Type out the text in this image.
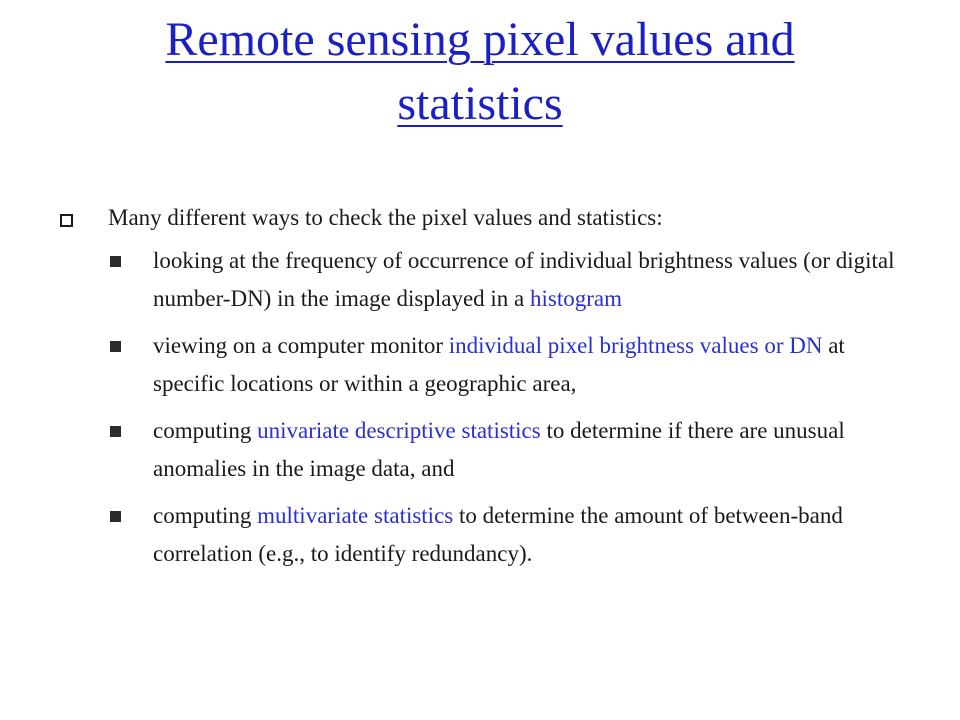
Remote sensing pixel values and statistics
Many different ways to check the pixel values and statistics:
looking at the frequency of occurrence of individual brightness values (or digital number-DN) in the image displayed in a histogram
viewing on a computer monitor individual pixel brightness values or DN at specific locations or within a geographic area,
computing univariate descriptive statistics to determine if there are unusual anomalies in the image data, and
computing multivariate statistics to determine the amount of between-band correlation (e.g., to identify redundancy).
